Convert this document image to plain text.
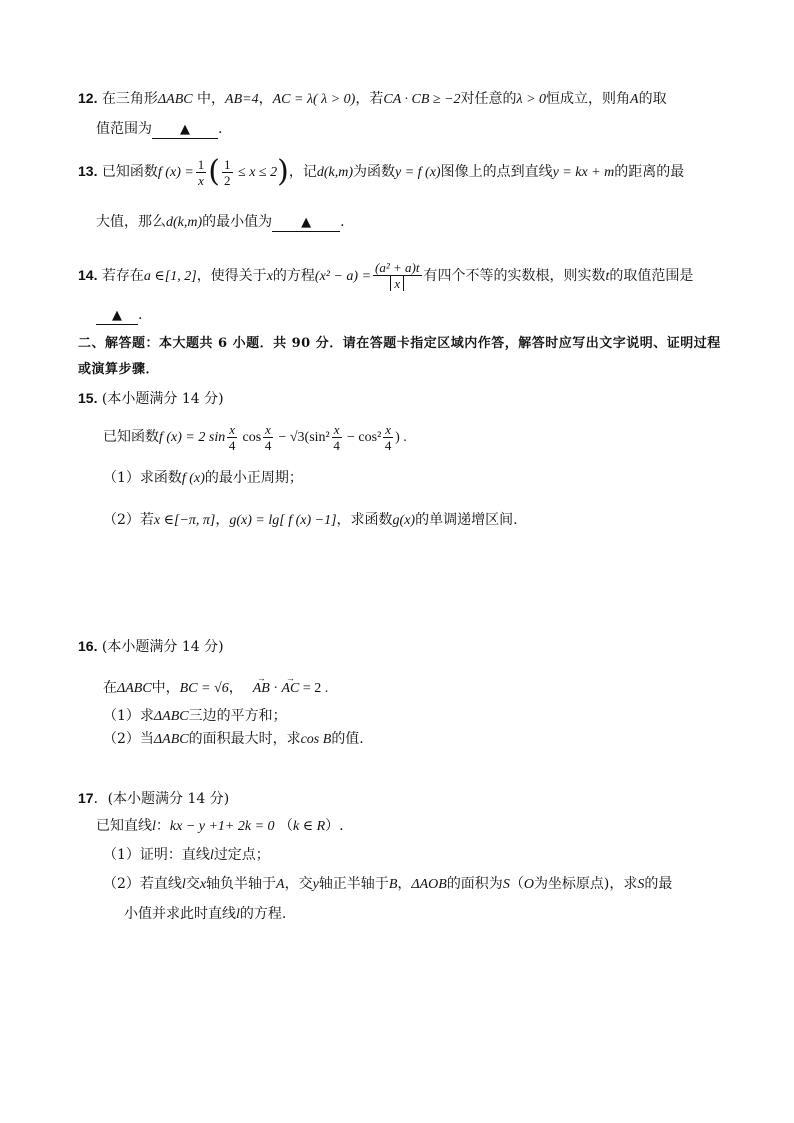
12. 在三角形ΔABC 中，AB=4，AC = λ( λ > 0)，若CA · CB ≥ −2对任意的λ > 0恒成立，则角A的取
值范围为 ▲ .
13. 已知函数f $(x) = \frac{1}{x}$ ( $\frac{1}{2} \le x \le 2$)，记d(k,m)为函数y = f (x)图像上的点到直线y = kx + m的距离的最
大值，那么d(k,m)的最小值为 ▲ .
14. 若存在a ∈[1, 2]，使得关于x的方程$(x^2 - a) = \frac{\text{(a² + a)t}}{x}$ 有四个不等的实数根，则实数t的取值范围是
▲ .
二、解答题：本大题共 6 小题．共 90 分．请在答题卡指定区域内作答，解答时应写出文字说明、证明过程
或演算步骤．
15. (本小题满分 14 分)
已知函数f (x) = 2 $\sin \frac{x}{4}$ $\cos \frac{x}{4} - √3(\sin^2 \frac{x}{4} - \cos^2 \frac{x}{4}$ ) .
（1）求函数f (x)的最小正周期；
（2）若x ∈[−π, π]，g(x) = lg[ f (x) −1]，求函数g(x)的单调递增区间.
16. (本小题满分 14 分)
在ΔABC中，BC = √6，→ AB · → AC = 2 .
（1）求ΔABC三边的平方和；
（2）当ΔABC的面积最大时，求cos B的值.
17．(本小题满分 14 分)
已知直线l：kx − y +1+ 2k = 0 （k ∈ R）.
（1）证明：直线l过定点；
（2）若直线l交x轴负半轴于A，交y轴正半轴于B，ΔAOB的面积为S（O为坐标原点)，求S的最
小值并求此时直线l的方程.
